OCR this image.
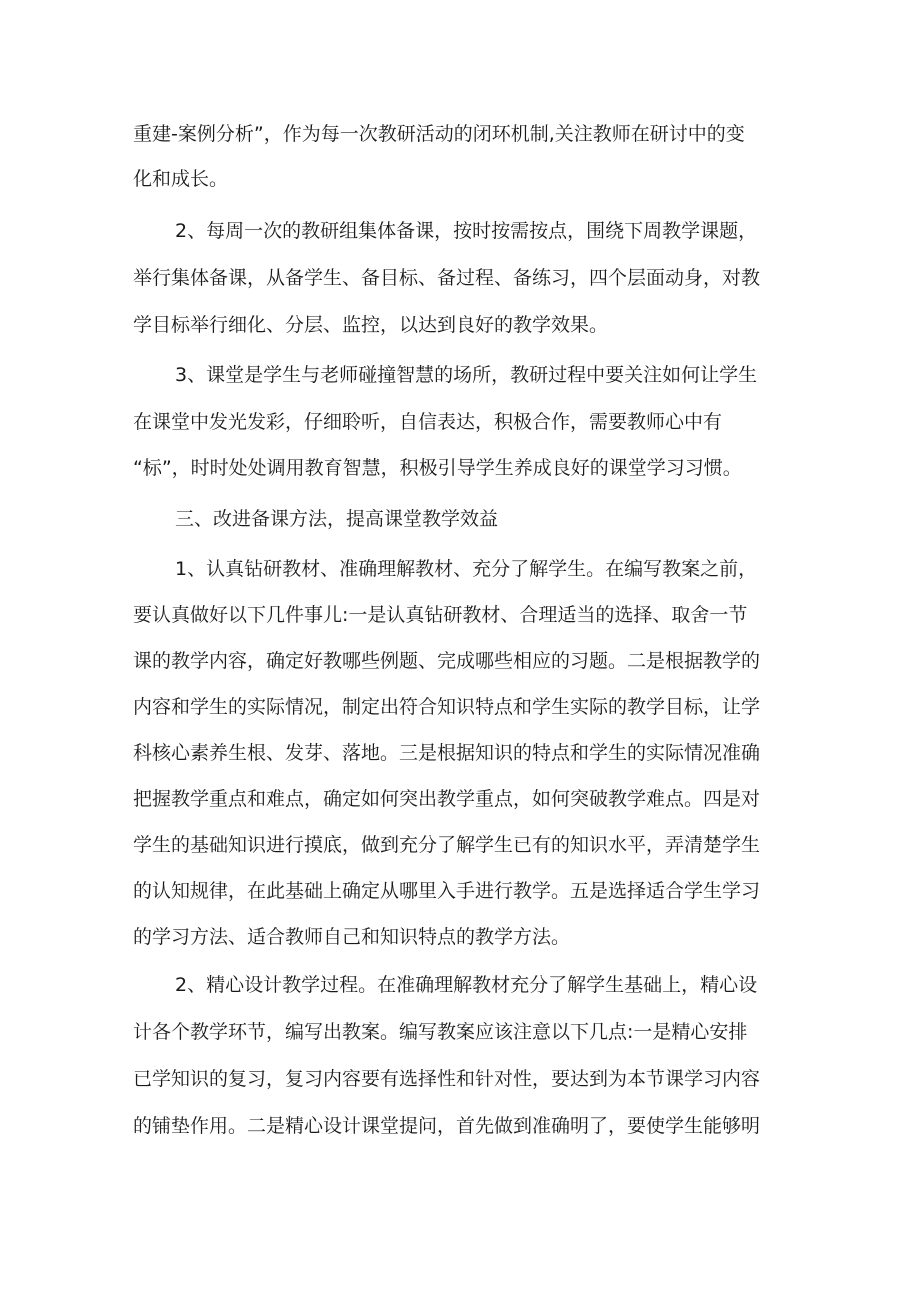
重建-案例分析”，作为每一次教研活动的闭环机制,关注教师在研讨中的变
化和成长。
2、每周一次的教研组集体备课，按时按需按点，围绕下周教学课题，
举行集体备课，从备学生、备目标、备过程、备练习，四个层面动身，对教
学目标举行细化、分层、监控，以达到良好的教学效果。
3、课堂是学生与老师碰撞智慧的场所，教研过程中要关注如何让学生
在课堂中发光发彩，仔细聆听，自信表达，积极合作，需要教师心中有
“标”，时时处处调用教育智慧，积极引导学生养成良好的课堂学习习惯。
三、改进备课方法，提高课堂教学效益
1、认真钻研教材、准确理解教材、充分了解学生。在编写教案之前，
要认真做好以下几件事儿:一是认真钻研教材、合理适当的选择、取舍一节
课的教学内容，确定好教哪些例题、完成哪些相应的习题。二是根据教学的
内容和学生的实际情况，制定出符合知识特点和学生实际的教学目标，让学
科核心素养生根、发芽、落地。三是根据知识的特点和学生的实际情况准确
把握教学重点和难点，确定如何突出教学重点，如何突破教学难点。四是对
学生的基础知识进行摸底，做到充分了解学生已有的知识水平，弄清楚学生
的认知规律，在此基础上确定从哪里入手进行教学。五是选择适合学生学习
的学习方法、适合教师自己和知识特点的教学方法。
2、精心设计教学过程。在准确理解教材充分了解学生基础上，精心设
计各个教学环节，编写出教案。编写教案应该注意以下几点:一是精心安排
已学知识的复习，复习内容要有选择性和针对性，要达到为本节课学习内容
的铺垫作用。二是精心设计课堂提问，首先做到准确明了，要使学生能够明
